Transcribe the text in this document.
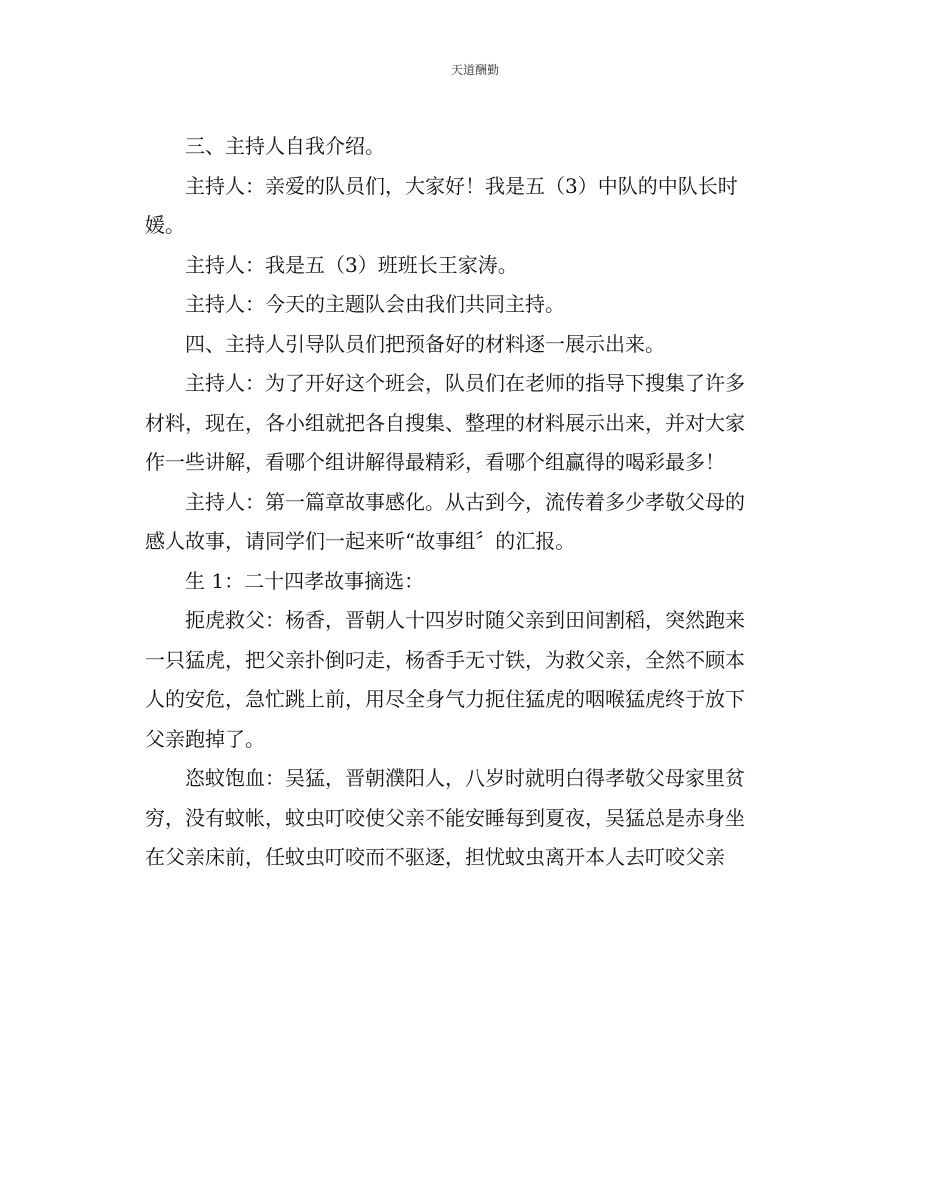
天道酬勤

三、主持人自我介绍。

主持人：亲爱的队员们，大家好！我是五（3）中队的中队长时
媛。

主持人：我是五（3）班班长王家涛。

主持人：今天的主题队会由我们共同主持。

四、主持人引导队员们把预备好的材料逐一展示出来。

主持人：为了开好这个班会，队员们在老师的指导下搜集了许多
材料，现在，各小组就把各自搜集、整理的材料展示出来，并对大家
作一些讲解，看哪个组讲解得最精彩，看哪个组赢得的喝彩最多！

主持人：第一篇章故事感化。从古到今，流传着多少孝敬父母的
感人故事，请同学们一起来听“故事组〞的汇报。

生 1：二十四孝故事摘选：

扼虎救父：杨香，晋朝人十四岁时随父亲到田间割稻，突然跑来
一只猛虎，把父亲扑倒叼走，杨香手无寸铁，为救父亲，全然不顾本
人的安危，急忙跳上前，用尽全身气力扼住猛虎的咽喉猛虎终于放下
父亲跑掉了。

恣蚊饱血：吴猛，晋朝濮阳人，八岁时就明白得孝敬父母家里贫
穷，没有蚊帐，蚊虫叮咬使父亲不能安睡每到夏夜，吴猛总是赤身坐
在父亲床前，任蚊虫叮咬而不驱逐，担忧蚊虫离开本人去叮咬父亲
